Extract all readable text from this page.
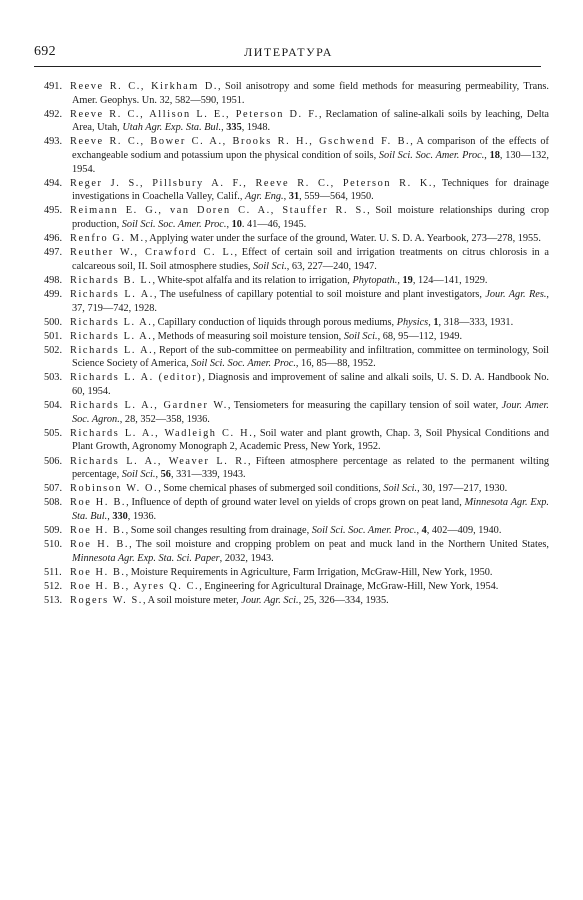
692	ЛИТЕРАТУРА
491. Reeve R. C., Kirkham D., Soil anisotropy and some field methods for measuring permeability, Trans. Amer. Geophys. Un. 32, 582—590, 1951.
492. Reeve R. C., Allison L. E., Peterson D. F., Reclamation of saline-alkali soils by leaching, Delta Area, Utah, Utah Agr. Exp. Sta. Bul., 335, 1948.
493. Reeve R. C., Bower C. A., Brooks R. H., Gschwend F. B., A comparison of the effects of exchangeable sodium and potassium upon the physical condition of soils, Soil Sci. Soc. Amer. Proc., 18, 130—132, 1954.
494. Reger J. S., Pillsbury A. F., Reeve R. C., Peterson R. K., Techniques for drainage investigations in Coachella Valley, Calif., Agr. Eng., 31, 559—564, 1950.
495. Reimann E. G., van Doren C. A., Stauffer R. S., Soil moisture relationships during crop production, Soil Sci. Soc. Amer. Proc., 10. 41—46, 1945.
496. Renfro G. M., Applying water under the surface of the ground, Water. U. S. D. A. Yearbook, 273—278, 1955.
497. Reuther W., Crawford C. L., Effect of certain soil and irrigation treatments on citrus chlorosis in a calcareous soil, II. Soil atmosphere studies, Soil Sci., 63, 227—240, 1947.
498. Richards B. L., White-spot alfalfa and its relation to irrigation, Phytopath., 19, 124—141, 1929.
499. Richards L. A., The usefulness of capillary potential to soil moisture and plant investigators, Jour. Agr. Res., 37, 719—742, 1928.
500. Richards L. A., Capillary conduction of liquids through porous mediums, Physics, 1, 318—333, 1931.
501. Richards L. A., Methods of measuring soil moisture tension, Soil Sci., 68, 95—112, 1949.
502. Richards L. A., Report of the sub-committee on permeability and infiltration, committee on terminology, Soil Science Society of America, Soil Sci. Soc. Amer. Proc., 16, 85—88, 1952.
503. Richards L. A. (editor), Diagnosis and improvement of saline and alkali soils, U. S. D. A. Handbook No. 60, 1954.
504. Richards L. A., Gardner W., Tensiometers for measuring the capillary tension of soil water, Jour. Amer. Soc. Agron., 28, 352—358, 1936.
505. Richards L. A., Wadleigh C. H., Soil water and plant growth, Chap. 3, Soil Physical Conditions and Plant Growth, Agronomy Monograph 2, Academic Press, New York, 1952.
506. Richards L. A., Weaver L. R., Fifteen atmosphere percentage as related to the permanent wilting percentage, Soil Sci., 56, 331—339, 1943.
507. Robinson W. O., Some chemical phases of submerged soil conditions, Soil Sci., 30, 197—217, 1930.
508. Roe H. B., Influence of depth of ground water level on yields of crops grown on peat land, Minnesota Agr. Exp. Sta. Bul., 330, 1936.
509. Roe H. B., Some soil changes resulting from drainage, Soil Sci. Soc. Amer. Proc., 4, 402—409, 1940.
510. Roe H. B., The soil moisture and cropping problem on peat and muck land in the Northern United States, Minnesota Agr. Exp. Sta. Sci. Paper, 2032, 1943.
511. Roe H. B., Moisture Requirements in Agriculture, Farm Irrigation, McGraw-Hill, New York, 1950.
512. Roe H. B., Ayres Q. C., Engineering for Agricultural Drainage, McGraw-Hill, New York, 1954.
513. Rogers W. S., A soil moisture meter, Jour. Agr. Sci., 25, 326—334, 1935.
